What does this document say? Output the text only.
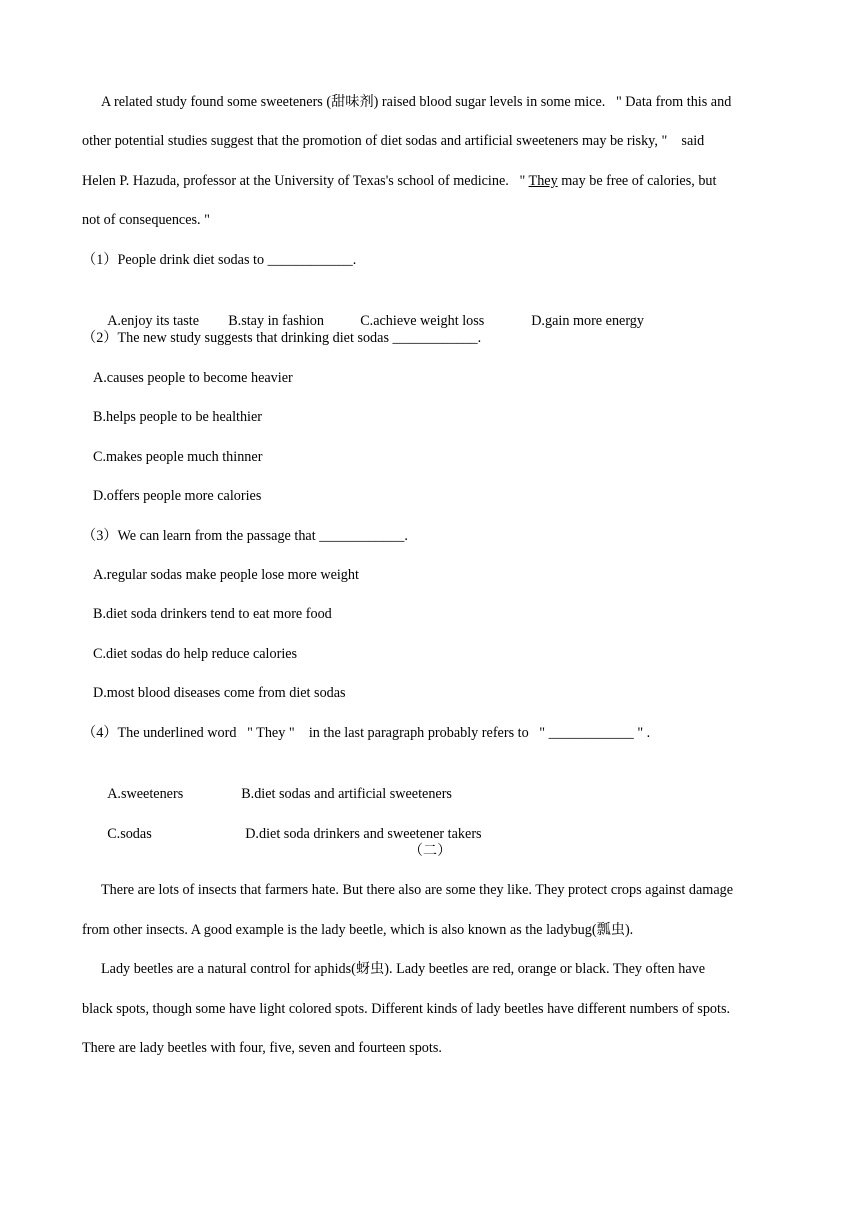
A related study found some sweeteners (甜味剂) raised blood sugar levels in some mice.   " Data from this and
other potential studies suggest that the promotion of diet sodas and artificial sweeteners may be risky, "    said
Helen P. Hazuda, professor at the University of Texas's school of medicine.   " They may be free of calories, but
not of consequences. "
（1）People drink diet sodas to ____________.

A.enjoy its taste B.stay in fashion	C.achieve weight loss	D.gain more energy

（2）The new study suggests that drinking diet sodas ____________.
A.causes people to become heavier
B.helps people to be healthier
C.makes people much thinner
D.offers people more calories
（3）We can learn from the passage that ____________.
A.regular sodas make people lose more weight
B.diet soda drinkers tend to eat more food
C.diet sodas do help reduce calories
D.most blood diseases come from diet sodas
（4）The underlined word   " They "    in the last paragraph probably refers to   " ____________ " .

A.sweeteners	B.diet sodas and artificial sweeteners

C.sodas	D.diet soda drinkers and sweetener takers

（二）
There are lots of insects that farmers hate. But there also are some they like. They protect crops against damage
from other insects. A good example is the lady beetle, which is also known as the ladybug(瓢虫).
Lady beetles are a natural control for aphids(蚜虫). Lady beetles are red, orange or black. They often have
black spots, though some have light colored spots. Different kinds of lady beetles have different numbers of spots.
There are lady beetles with four, five, seven and fourteen spots.
